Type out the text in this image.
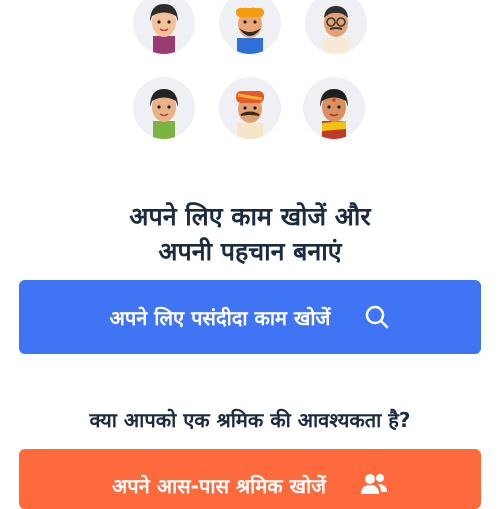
अपने लिए काम खोजें और
अपनी पहचान बनाएं
अपने लिए पसंदीदा काम खोजें
क्या आपको एक श्रमिक की आवश्यकता है?
अपने आस-पास श्रमिक खोजें
